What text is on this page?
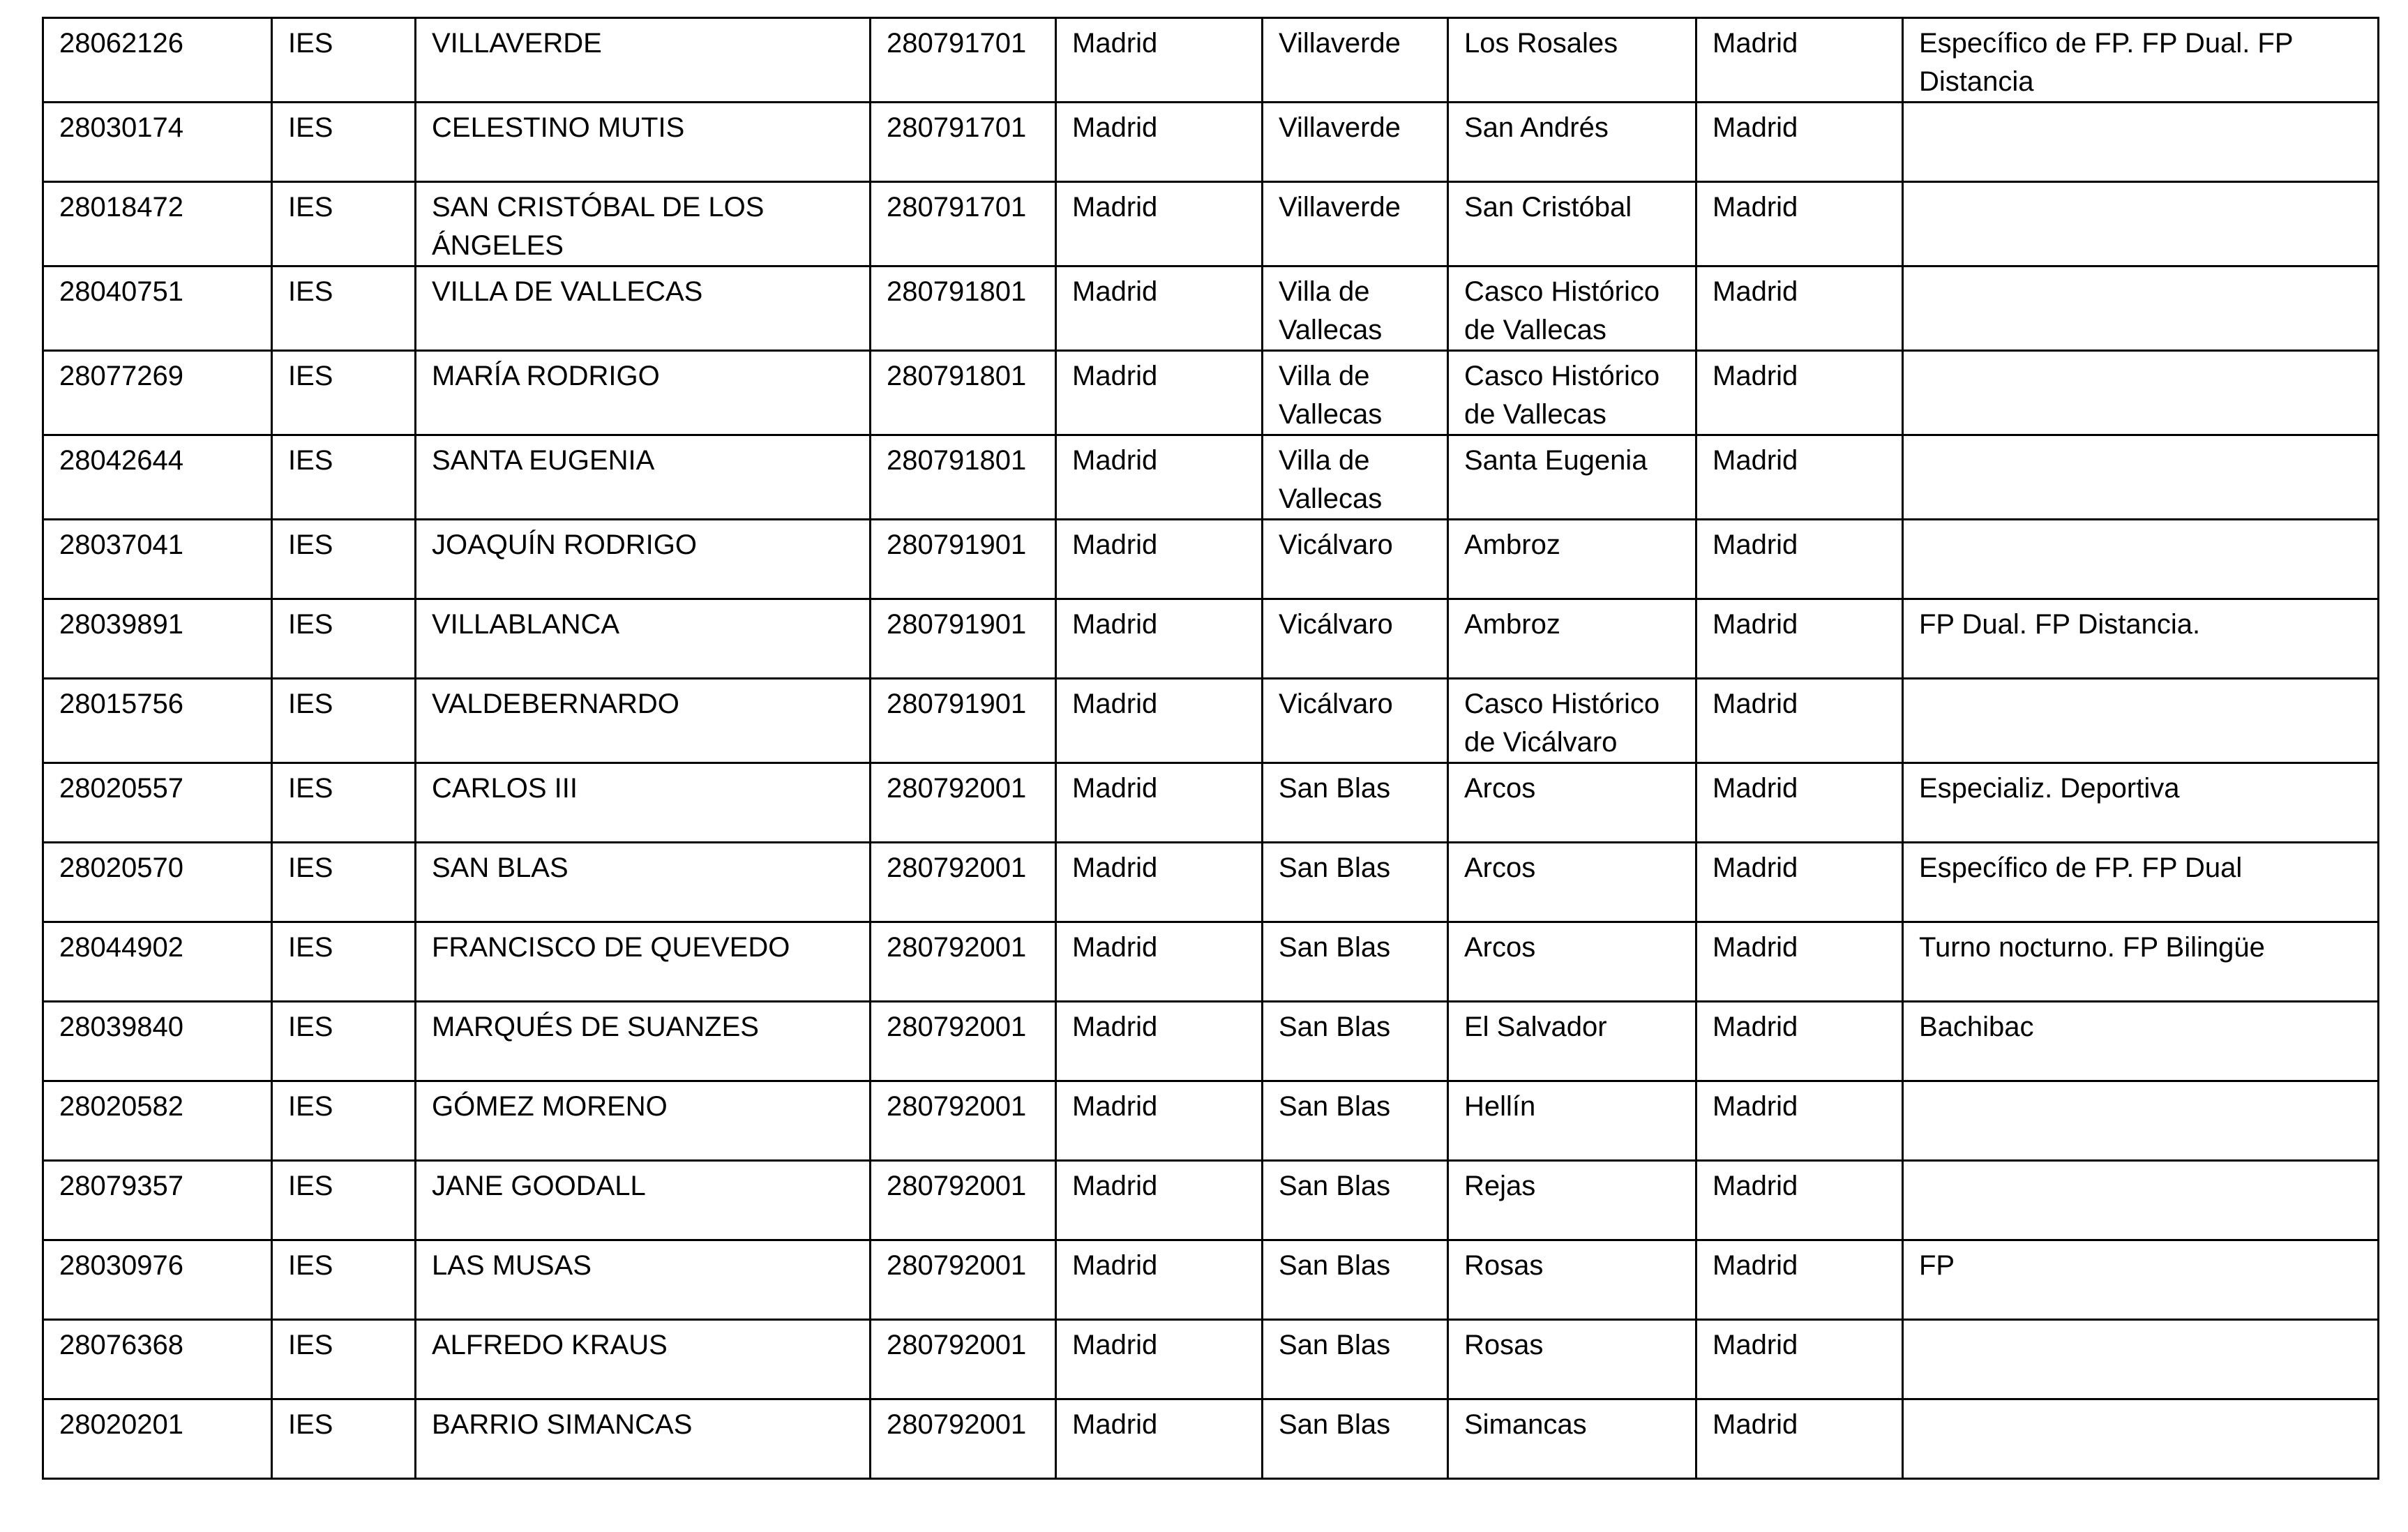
28062126	IES	VILLAVERDE	280791701	Madrid	Villaverde	Los Rosales	Madrid	Específico de FP. FP Dual. FP Distancia
28030174	IES	CELESTINO MUTIS	280791701	Madrid	Villaverde	San Andrés	Madrid	
28018472	IES	SAN CRISTÓBAL DE LOS ÁNGELES	280791701	Madrid	Villaverde	San Cristóbal	Madrid	
28040751	IES	VILLA DE VALLECAS	280791801	Madrid	Villa de Vallecas	Casco Histórico de Vallecas	Madrid	
28077269	IES	MARÍA RODRIGO	280791801	Madrid	Villa de Vallecas	Casco Histórico de Vallecas	Madrid	
28042644	IES	SANTA EUGENIA	280791801	Madrid	Villa de Vallecas	Santa Eugenia	Madrid	
28037041	IES	JOAQUÍN RODRIGO	280791901	Madrid	Vicálvaro	Ambroz	Madrid	
28039891	IES	VILLABLANCA	280791901	Madrid	Vicálvaro	Ambroz	Madrid	FP Dual. FP Distancia.
28015756	IES	VALDEBERNARDO	280791901	Madrid	Vicálvaro	Casco Histórico de Vicálvaro	Madrid	
28020557	IES	CARLOS III	280792001	Madrid	San Blas	Arcos	Madrid	Especializ. Deportiva
28020570	IES	SAN BLAS	280792001	Madrid	San Blas	Arcos	Madrid	Específico de FP. FP Dual
28044902	IES	FRANCISCO DE QUEVEDO	280792001	Madrid	San Blas	Arcos	Madrid	Turno nocturno. FP Bilingüe
28039840	IES	MARQUÉS DE SUANZES	280792001	Madrid	San Blas	El Salvador	Madrid	Bachibac
28020582	IES	GÓMEZ MORENO	280792001	Madrid	San Blas	Hellín	Madrid	
28079357	IES	JANE GOODALL	280792001	Madrid	San Blas	Rejas	Madrid	
28030976	IES	LAS MUSAS	280792001	Madrid	San Blas	Rosas	Madrid	FP
28076368	IES	ALFREDO KRAUS	280792001	Madrid	San Blas	Rosas	Madrid	
28020201	IES	BARRIO SIMANCAS	280792001	Madrid	San Blas	Simancas	Madrid	
